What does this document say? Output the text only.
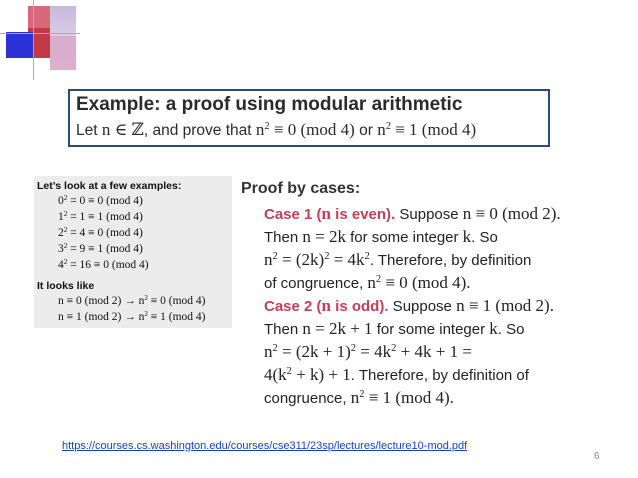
Example: a proof using modular arithmetic
Let n ∈ ℤ, and prove that $n^2 \equiv 0$ (mod 4) or $n^2 \equiv 1$ (mod 4)
Let’s look at a few examples:
$0^2 = 0 \equiv 0$ (mod 4)
$1^2 = 1 \equiv 1$ (mod 4)
$2^2 = 4 \equiv 0$ (mod 4)
$3^2 = 9 \equiv 1$ (mod 4)
$4^2 = 16 \equiv 0$ (mod 4)
It looks like
n ≡ 0 (mod $2) \to n^2 \equiv 0$ (mod 4)
n ≡ 1 (mod $2) \to n^2 \equiv 1$ (mod 4)
Proof by cases:
Case 1 (n is even). Suppose n ≡ 0 (mod 2).
Then n = 2k for some integer k. So
$n^2 = (2k)^2 = 4k^2$. Therefore, by definition
of congruence, $n^2 \equiv 0$ (mod 4).
Case 2 (n is odd). Suppose n ≡ 1 (mod 2).
Then n = 2k + 1 for some integer k. So
$n^2 = (2k + 1)^2 = 4k^2 + 4k + 1$ =
$4(k^2 + k) + 1$. Therefore, by definition of
congruence, $n^2 \equiv 1$ (mod 4).
https://courses.cs.washington.edu/courses/cse311/23sp/lectures/lecture10-mod.pdf
6
